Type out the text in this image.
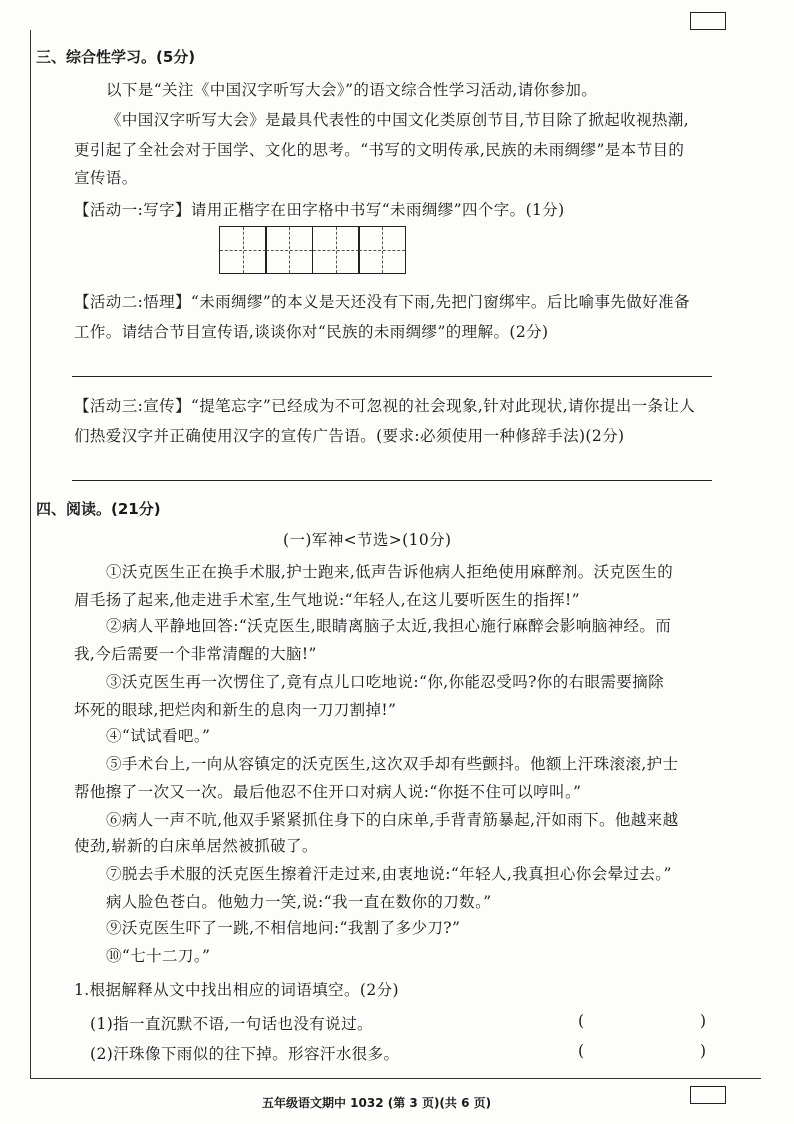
三、综合性学习。(5分)
以下是“关注《中国汉字听写大会》”的语文综合性学习活动,请你参加。
《中国汉字听写大会》是最具代表性的中国文化类原创节目,节目除了掀起收视热潮,
更引起了全社会对于国学、文化的思考。“书写的文明传承,民族的未雨绸缪”是本节目的
宣传语。
【活动一:写字】请用正楷字在田字格中书写“未雨绸缪”四个字。(1分)
【活动二:悟理】“未雨绸缪”的本义是天还没有下雨,先把门窗绑牢。后比喻事先做好准备
工作。请结合节目宣传语,谈谈你对“民族的未雨绸缪”的理解。(2分)
【活动三:宣传】“提笔忘字”已经成为不可忽视的社会现象,针对此现状,请你提出一条让人
们热爱汉字并正确使用汉字的宣传广告语。(要求:必须使用一种修辞手法)(2分)
四、阅读。(21分)
(一)军神<节选>(10分)
①沃克医生正在换手术服,护士跑来,低声告诉他病人拒绝使用麻醉剂。沃克医生的
眉毛扬了起来,他走进手术室,生气地说:“年轻人,在这儿要听医生的指挥!”
②病人平静地回答:“沃克医生,眼睛离脑子太近,我担心施行麻醉会影响脑神经。而
我,今后需要一个非常清醒的大脑!”
③沃克医生再一次愣住了,竟有点儿口吃地说:“你,你能忍受吗?你的右眼需要摘除
坏死的眼球,把烂肉和新生的息肉一刀刀割掉!”
④“试试看吧。”
⑤手术台上,一向从容镇定的沃克医生,这次双手却有些颤抖。他额上汗珠滚滚,护士
帮他擦了一次又一次。最后他忍不住开口对病人说:“你挺不住可以哼叫。”
⑥病人一声不吭,他双手紧紧抓住身下的白床单,手背青筋暴起,汗如雨下。他越来越
使劲,崭新的白床单居然被抓破了。
⑦脱去手术服的沃克医生擦着汗走过来,由衷地说:“年轻人,我真担心你会晕过去。”
病人脸色苍白。他勉力一笑,说:“我一直在数你的刀数。”
⑨沃克医生吓了一跳,不相信地问:“我割了多少刀?”
⑩“七十二刀。”
1.根据解释从文中找出相应的词语填空。(2分)
(1)指一直沉默不语,一句话也没有说过。	(	)
(2)汗珠像下雨似的往下掉。形容汗水很多。	(	)
五年级语文期中 1032 (第 3 页)(共 6 页)
